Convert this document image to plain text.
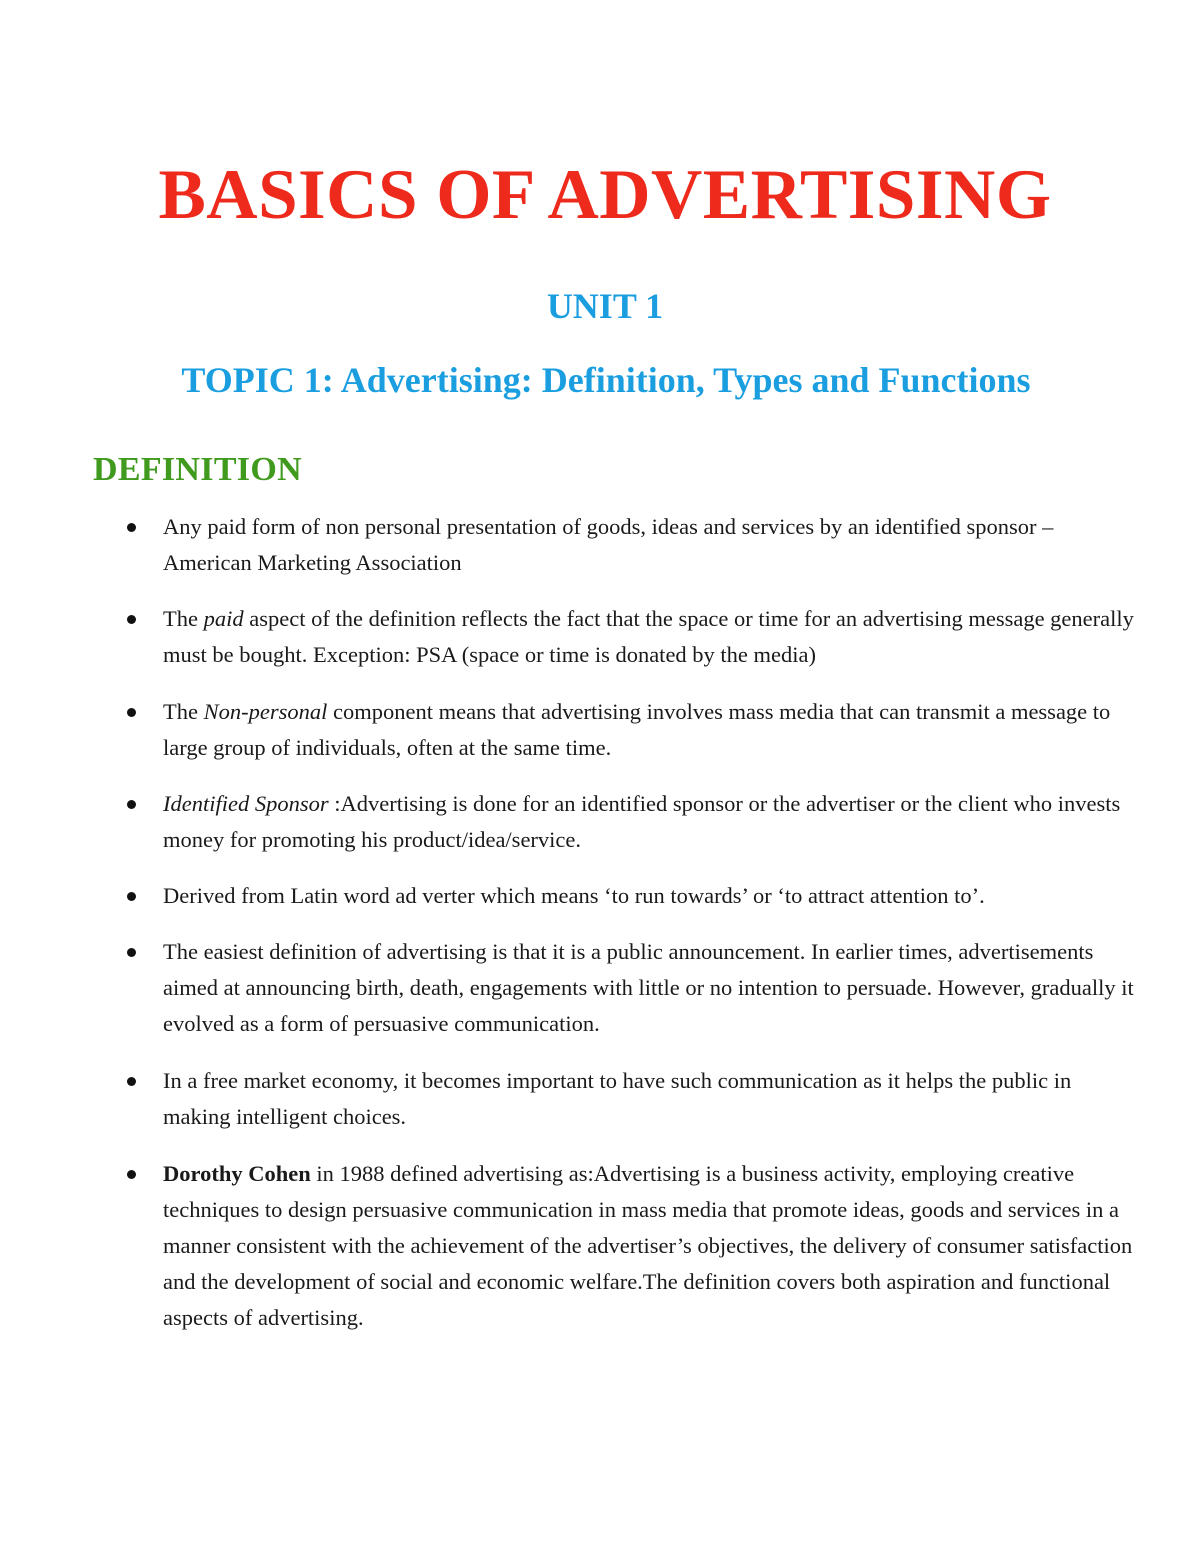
BASICS OF ADVERTISING
UNIT 1
TOPIC 1: Advertising: Definition, Types and Functions
DEFINITION
Any paid form of non personal presentation of goods, ideas and services by an identified sponsor – American Marketing Association
The paid aspect of the definition reflects the fact that the space or time for an advertising message generally must be bought. Exception: PSA (space or time is donated by the media)
The Non-personal component means that advertising involves mass media that can transmit a message to large group of individuals, often at the same time.
Identified Sponsor :Advertising is done for an identified sponsor or the advertiser or the client who invests money for promoting his product/idea/service.
Derived from Latin word ad verter which means ‘to run towards’ or ‘to attract attention to’.
The easiest definition of advertising is that it is a public announcement. In earlier times, advertisements aimed at announcing birth, death, engagements with little or no intention to persuade. However, gradually it evolved as a form of persuasive communication.
In a free market economy, it becomes important to have such communication as it helps the public in making intelligent choices.
Dorothy Cohen in 1988 defined advertising as:Advertising is a business activity, employing creative techniques to design persuasive communication in mass media that promote ideas, goods and services in a manner consistent with the achievement of the advertiser’s objectives, the delivery of consumer satisfaction and the development of social and economic welfare.The definition covers both aspiration and functional aspects of advertising.
